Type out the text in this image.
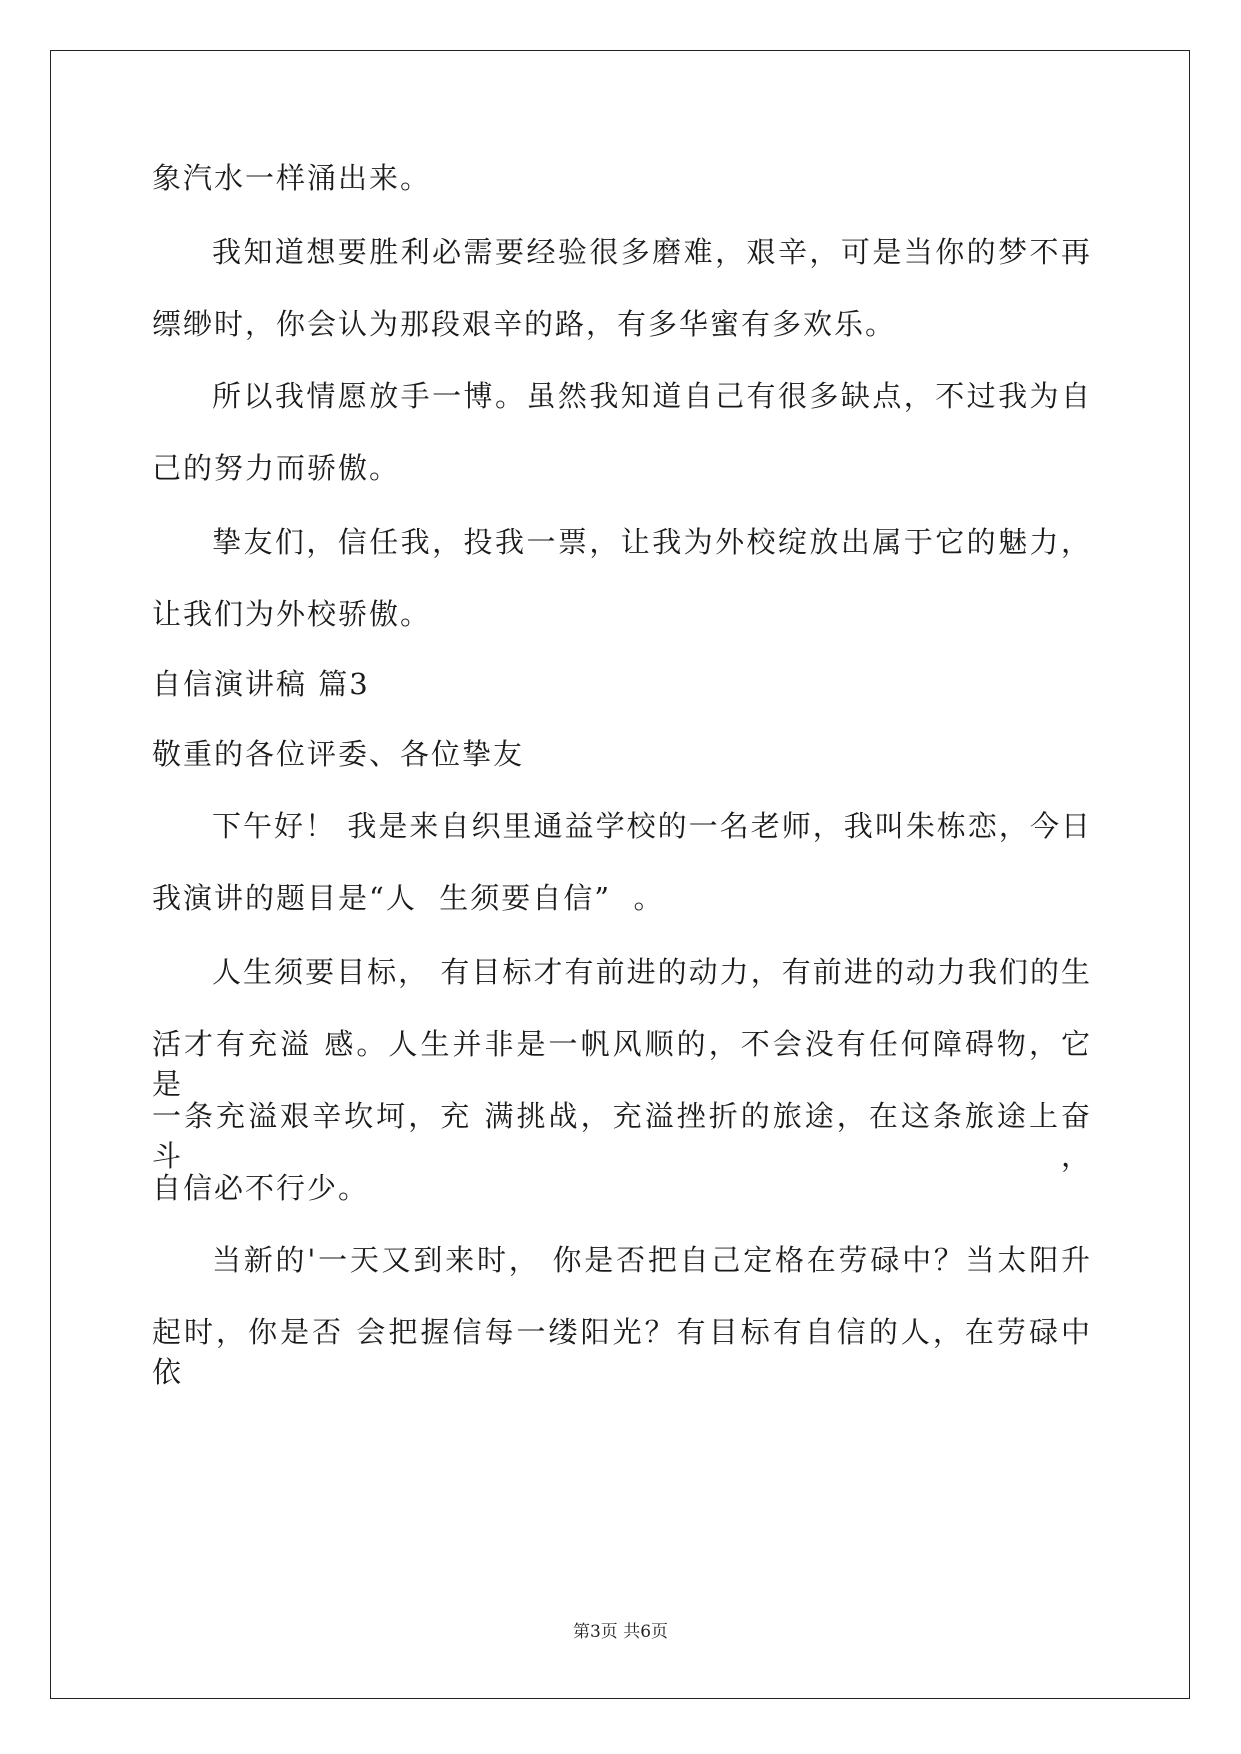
象汽水一样涌出来。
我知道想要胜利必需要经验很多磨难，艰辛，可是当你的梦不再
缥缈时，你会认为那段艰辛的路，有多华蜜有多欢乐。
所以我情愿放手一博。虽然我知道自己有很多缺点，不过我为自
己的努力而骄傲。
挚友们，信任我，投我一票，让我为外校绽放出属于它的魅力，
让我们为外校骄傲。
自信演讲稿 篇3
敬重的各位评委、各位挚友
下午好！ 我是来自织里通益学校的一名老师，我叫朱栋恋，今日
我演讲的题目是“人  生须要自信”  。
人生须要目标， 有目标才有前进的动力，有前进的动力我们的生
活才有充溢 感。人生并非是一帆风顺的，不会没有任何障碍物，它是
一条充溢艰辛坎坷，充 满挑战，充溢挫折的旅途，在这条旅途上奋斗，
自信必不行少。
当新的'一天又到来时， 你是否把自己定格在劳碌中？当太阳升
起时，你是否 会把握信每一缕阳光？有目标有自信的人，在劳碌中依
第3页 共6页
